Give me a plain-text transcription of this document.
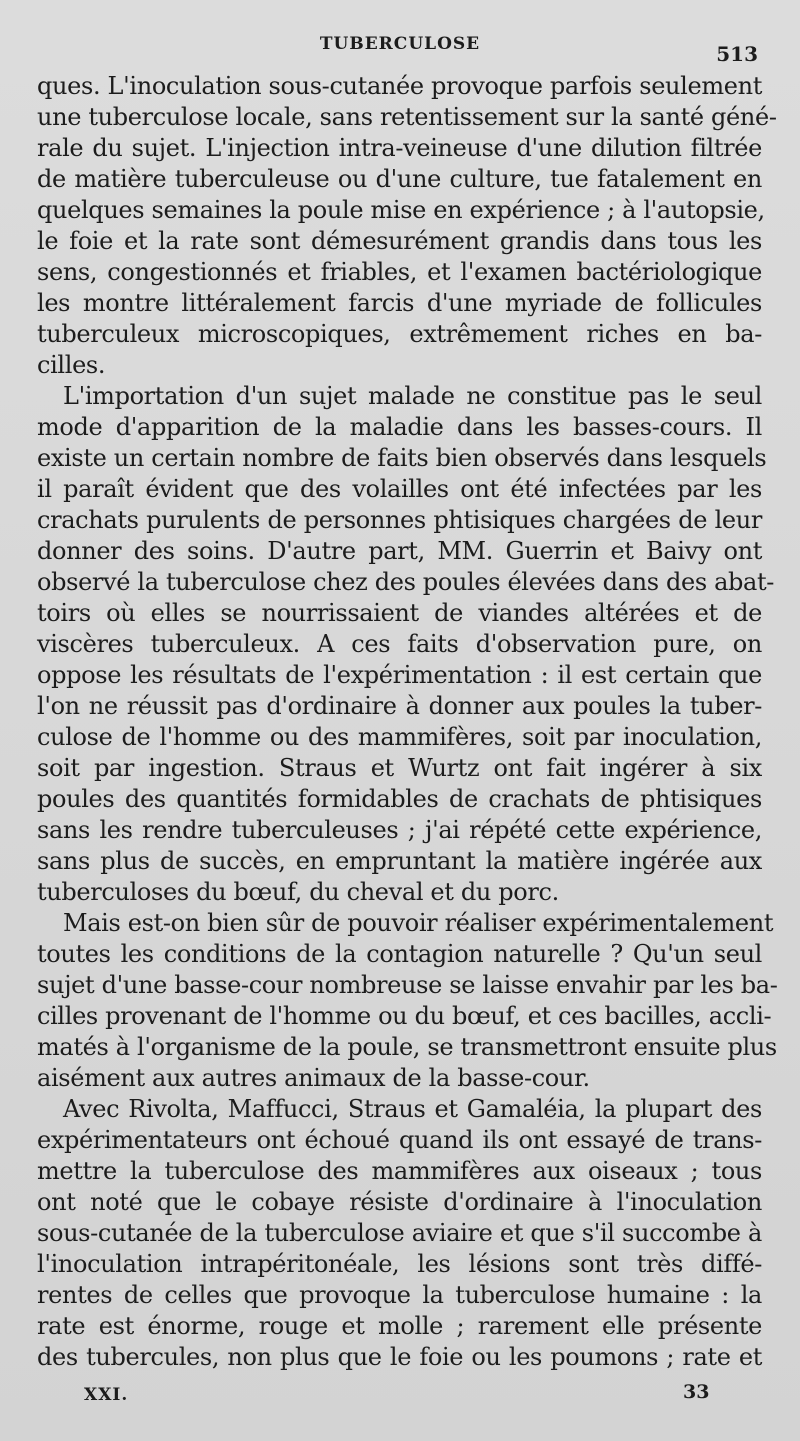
TUBERCULOSE	513
ques. L'inoculation sous-cutanée provoque parfois seulement
une tuberculose locale, sans retentissement sur la santé géné-
rale du sujet. L'injection intra-veineuse d'une dilution filtrée
de matière tuberculeuse ou d'une culture, tue fatalement en
quelques semaines la poule mise en expérience ; à l'autopsie,
le foie et la rate sont démesurément grandis dans tous les
sens, congestionnés et friables, et l'examen bactériologique
les montre littéralement farcis d'une myriade de follicules
tuberculeux microscopiques, extrêmement riches en ba-
cilles.
L'importation d'un sujet malade ne constitue pas le seul
mode d'apparition de la maladie dans les basses-cours. Il
existe un certain nombre de faits bien observés dans lesquels
il paraît évident que des volailles ont été infectées par les
crachats purulents de personnes phtisiques chargées de leur
donner des soins. D'autre part, MM. Guerrin et Baivy ont
observé la tuberculose chez des poules élevées dans des abat-
toirs où elles se nourrissaient de viandes altérées et de
viscères tuberculeux. A ces faits d'observation pure, on
oppose les résultats de l'expérimentation : il est certain que
l'on ne réussit pas d'ordinaire à donner aux poules la tuber-
culose de l'homme ou des mammifères, soit par inoculation,
soit par ingestion. Straus et Wurtz ont fait ingérer à six
poules des quantités formidables de crachats de phtisiques
sans les rendre tuberculeuses ; j'ai répété cette expérience,
sans plus de succès, en empruntant la matière ingérée aux
tuberculoses du bœuf, du cheval et du porc.
Mais est-on bien sûr de pouvoir réaliser expérimentalement
toutes les conditions de la contagion naturelle ? Qu'un seul
sujet d'une basse-cour nombreuse se laisse envahir par les ba-
cilles provenant de l'homme ou du bœuf, et ces bacilles, accli-
matés à l'organisme de la poule, se transmettront ensuite plus
aisément aux autres animaux de la basse-cour.
Avec Rivolta, Maffucci, Straus et Gamaléia, la plupart des
expérimentateurs ont échoué quand ils ont essayé de trans-
mettre la tuberculose des mammifères aux oiseaux ; tous
ont noté que le cobaye résiste d'ordinaire à l'inoculation
sous-cutanée de la tuberculose aviaire et que s'il succombe à
l'inoculation intrapéritonéale, les lésions sont très diffé-
rentes de celles que provoque la tuberculose humaine : la
rate est énorme, rouge et molle ; rarement elle présente
des tubercules, non plus que le foie ou les poumons ; rate et
XXI.	33
